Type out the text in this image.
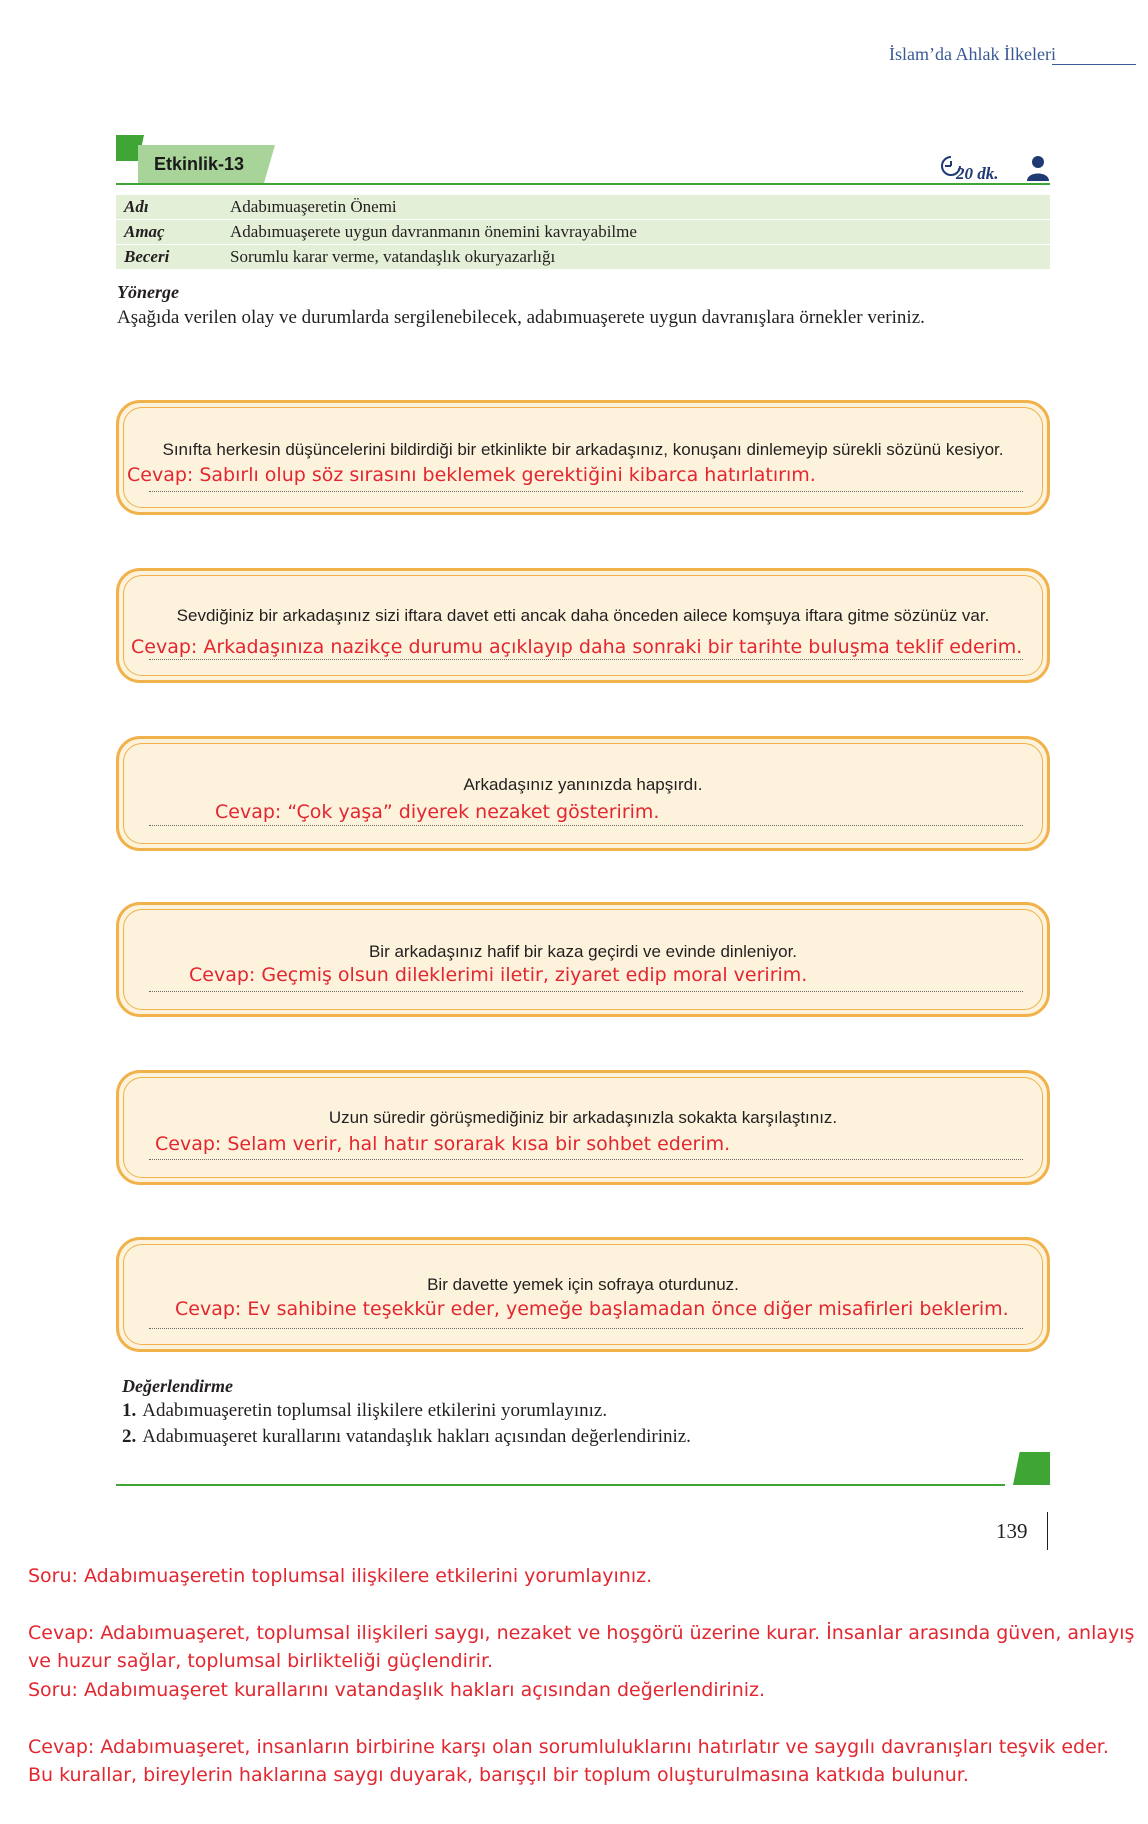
İslam’da Ahlak İlkeleri
Etkinlik-13	20 dk.
Adı	Adabımuaşeretin Önemi
Amaç	Adabımuaşerete uygun davranmanın önemini kavrayabilme
Beceri	Sorumlu karar verme, vatandaşlık okuryazarlığı
Yönerge
Aşağıda verilen olay ve durumlarda sergilenebilecek, adabımuaşerete uygun davranışlara örnekler veriniz.
Sınıfta herkesin düşüncelerini bildirdiği bir etkinlikte bir arkadaşınız, konuşanı dinlemeyip sürekli sözünü kesiyor.
Cevap: Sabırlı olup söz sırasını beklemek gerektiğini kibarca hatırlatırım.
Sevdiğiniz bir arkadaşınız sizi iftara davet etti ancak daha önceden ailece komşuya iftara gitme sözünüz var.
Cevap: Arkadaşınıza nazikçe durumu açıklayıp daha sonraki bir tarihte buluşma teklif ederim.
Arkadaşınız yanınızda hapşırdı.
Cevap: “Çok yaşa” diyerek nezaket gösteririm.
Bir arkadaşınız hafif bir kaza geçirdi ve evinde dinleniyor.
Cevap: Geçmiş olsun dileklerimi iletir, ziyaret edip moral veririm.
Uzun süredir görüşmediğiniz bir arkadaşınızla sokakta karşılaştınız.
Cevap: Selam verir, hal hatır sorarak kısa bir sohbet ederim.
Bir davette yemek için sofraya oturdunuz.
Cevap: Ev sahibine teşekkür eder, yemeğe başlamadan önce diğer misafirleri beklerim.
Değerlendirme
1. Adabımuaşeretin toplumsal ilişkilere etkilerini yorumlayınız.
2. Adabımuaşeret kurallarını vatandaşlık hakları açısından değerlendiriniz.
139
Soru: Adabımuaşeretin toplumsal ilişkilere etkilerini yorumlayınız.
Cevap: Adabımuaşeret, toplumsal ilişkileri saygı, nezaket ve hoşgörü üzerine kurar. İnsanlar arasında güven, anlayış ve huzur sağlar, toplumsal birlikteliği güçlendirir.
Soru: Adabımuaşeret kurallarını vatandaşlık hakları açısından değerlendiriniz.
Cevap: Adabımuaşeret, insanların birbirine karşı olan sorumluluklarını hatırlatır ve saygılı davranışları teşvik eder. Bu kurallar, bireylerin haklarına saygı duyarak, barışçıl bir toplum oluşturulmasına katkıda bulunur.
